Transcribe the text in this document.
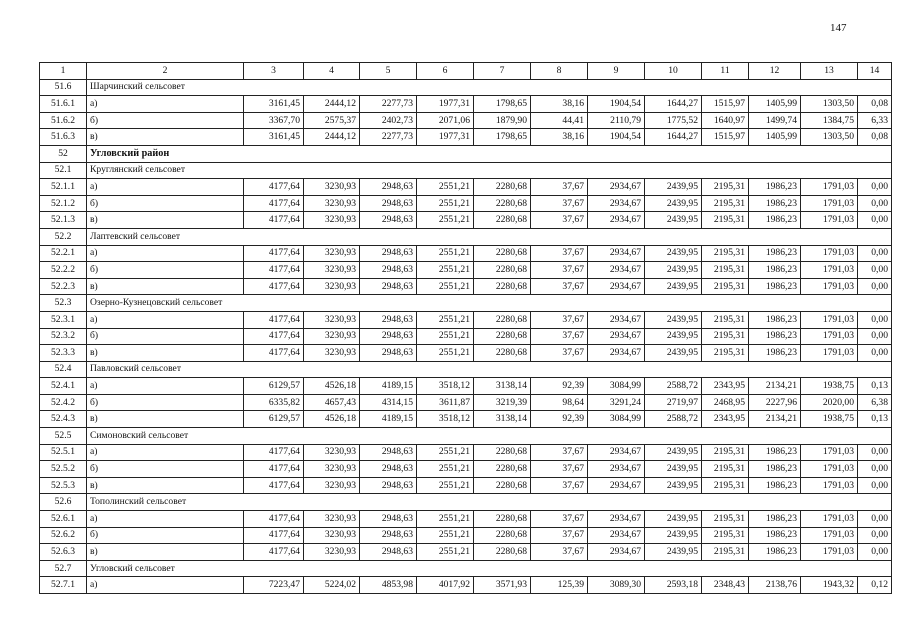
147
1	2	3	4	5	6	7	8	9	10	11	12	13	14
51.6	Шарчинский сельсовет												
51.6.1	а)	3161,45	2444,12	2277,73	1977,31	1798,65	38,16	1904,54	1644,27	1515,97	1405,99	1303,50	0,08
51.6.2	б)	3367,70	2575,37	2402,73	2071,06	1879,90	44,41	2110,79	1775,52	1640,97	1499,74	1384,75	6,33
51.6.3	в)	3161,45	2444,12	2277,73	1977,31	1798,65	38,16	1904,54	1644,27	1515,97	1405,99	1303,50	0,08
52	Угловский район												
52.1	Круглянский сельсовет												
52.1.1	а)	4177,64	3230,93	2948,63	2551,21	2280,68	37,67	2934,67	2439,95	2195,31	1986,23	1791,03	0,00
52.1.2	б)	4177,64	3230,93	2948,63	2551,21	2280,68	37,67	2934,67	2439,95	2195,31	1986,23	1791,03	0,00
52.1.3	в)	4177,64	3230,93	2948,63	2551,21	2280,68	37,67	2934,67	2439,95	2195,31	1986,23	1791,03	0,00
52.2	Лаптевский сельсовет												
52.2.1	а)	4177,64	3230,93	2948,63	2551,21	2280,68	37,67	2934,67	2439,95	2195,31	1986,23	1791,03	0,00
52.2.2	б)	4177,64	3230,93	2948,63	2551,21	2280,68	37,67	2934,67	2439,95	2195,31	1986,23	1791,03	0,00
52.2.3	в)	4177,64	3230,93	2948,63	2551,21	2280,68	37,67	2934,67	2439,95	2195,31	1986,23	1791,03	0,00
52.3	Озерно-Кузнецовский сельсовет												
52.3.1	а)	4177,64	3230,93	2948,63	2551,21	2280,68	37,67	2934,67	2439,95	2195,31	1986,23	1791,03	0,00
52.3.2	б)	4177,64	3230,93	2948,63	2551,21	2280,68	37,67	2934,67	2439,95	2195,31	1986,23	1791,03	0,00
52.3.3	в)	4177,64	3230,93	2948,63	2551,21	2280,68	37,67	2934,67	2439,95	2195,31	1986,23	1791,03	0,00
52.4	Павловский сельсовет												
52.4.1	а)	6129,57	4526,18	4189,15	3518,12	3138,14	92,39	3084,99	2588,72	2343,95	2134,21	1938,75	0,13
52.4.2	б)	6335,82	4657,43	4314,15	3611,87	3219,39	98,64	3291,24	2719,97	2468,95	2227,96	2020,00	6,38
52.4.3	в)	6129,57	4526,18	4189,15	3518,12	3138,14	92,39	3084,99	2588,72	2343,95	2134,21	1938,75	0,13
52.5	Симоновский сельсовет												
52.5.1	а)	4177,64	3230,93	2948,63	2551,21	2280,68	37,67	2934,67	2439,95	2195,31	1986,23	1791,03	0,00
52.5.2	б)	4177,64	3230,93	2948,63	2551,21	2280,68	37,67	2934,67	2439,95	2195,31	1986,23	1791,03	0,00
52.5.3	в)	4177,64	3230,93	2948,63	2551,21	2280,68	37,67	2934,67	2439,95	2195,31	1986,23	1791,03	0,00
52.6	Тополинский сельсовет												
52.6.1	а)	4177,64	3230,93	2948,63	2551,21	2280,68	37,67	2934,67	2439,95	2195,31	1986,23	1791,03	0,00
52.6.2	б)	4177,64	3230,93	2948,63	2551,21	2280,68	37,67	2934,67	2439,95	2195,31	1986,23	1791,03	0,00
52.6.3	в)	4177,64	3230,93	2948,63	2551,21	2280,68	37,67	2934,67	2439,95	2195,31	1986,23	1791,03	0,00
52.7	Угловский сельсовет												
52.7.1	а)	7223,47	5224,02	4853,98	4017,92	3571,93	125,39	3089,30	2593,18	2348,43	2138,76	1943,32	0,12
